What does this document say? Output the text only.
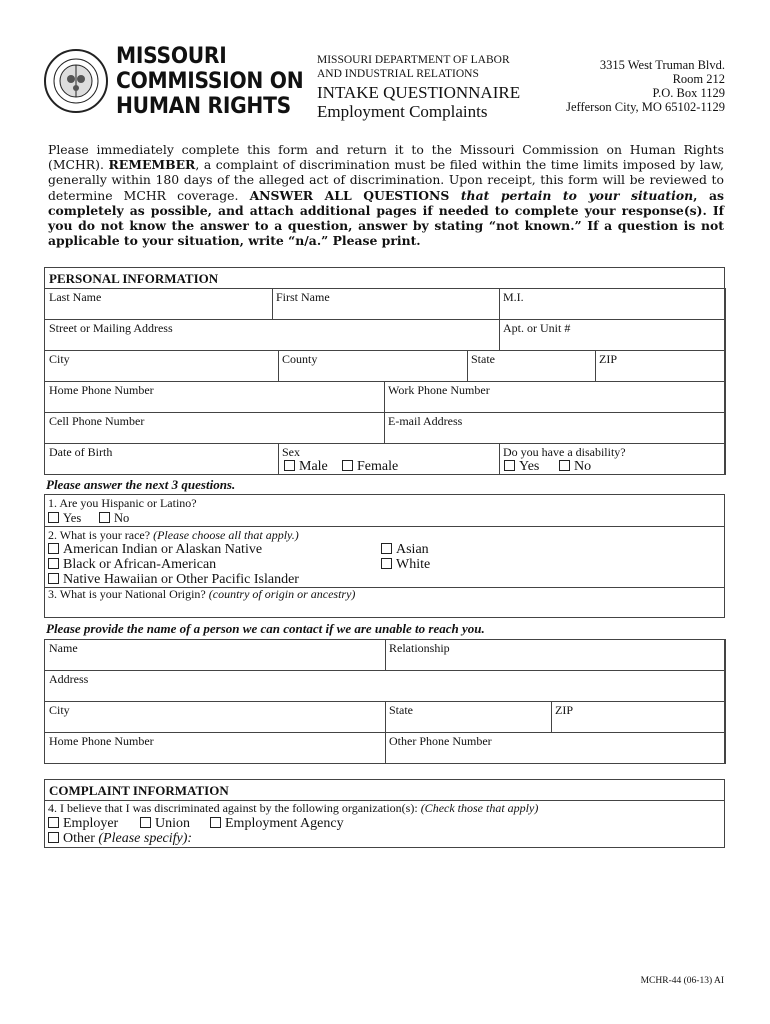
MISSOURI
COMMISSION ON
HUMAN RIGHTS
MISSOURI DEPARTMENT OF LABOR
AND INDUSTRIAL RELATIONS
INTAKE QUESTIONNAIRE
Employment Complaints
3315 West Truman Blvd.
Room 212
P.O. Box 1129
Jefferson City, MO 65102-1129
Please immediately complete this form and return it to the Missouri Commission on Human Rights (MCHR). REMEMBER, a complaint of discrimination must be filed within the time limits imposed by law, generally within 180 days of the alleged act of discrimination. Upon receipt, this form will be reviewed to determine MCHR coverage. ANSWER ALL QUESTIONS that pertain to your situation, as completely as possible, and attach additional pages if needed to complete your response(s). If you do not know the answer to a question, answer by stating “not known.” If a question is not applicable to your situation, write “n/a.” Please print.
PERSONAL INFORMATION
Last Name	First Name	M.I.
Street or Mailing Address	Apt. or Unit #
City	County	State	ZIP
Home Phone Number	Work Phone Number
Cell Phone Number	E-mail Address
Date of Birth	Sex
Male	Female
Do you have a disability?
Yes	No
Please answer the next 3 questions.
1. Are you Hispanic or Latino?
Yes	No
2. What is your race? (Please choose all that apply.)
American Indian or Alaskan Native
Black or African-American
Native Hawaiian or Other Pacific Islander
Asian
White
3. What is your National Origin? (country of origin or ancestry)
Please provide the name of a person we can contact if we are unable to reach you.
Name	Relationship
Address
City	State	ZIP
Home Phone Number	Other Phone Number
COMPLAINT INFORMATION
4. I believe that I was discriminated against by the following organization(s): (Check those that apply)
Employer	Union	Employment Agency
Other (Please specify):
MCHR-44 (06-13) AI
